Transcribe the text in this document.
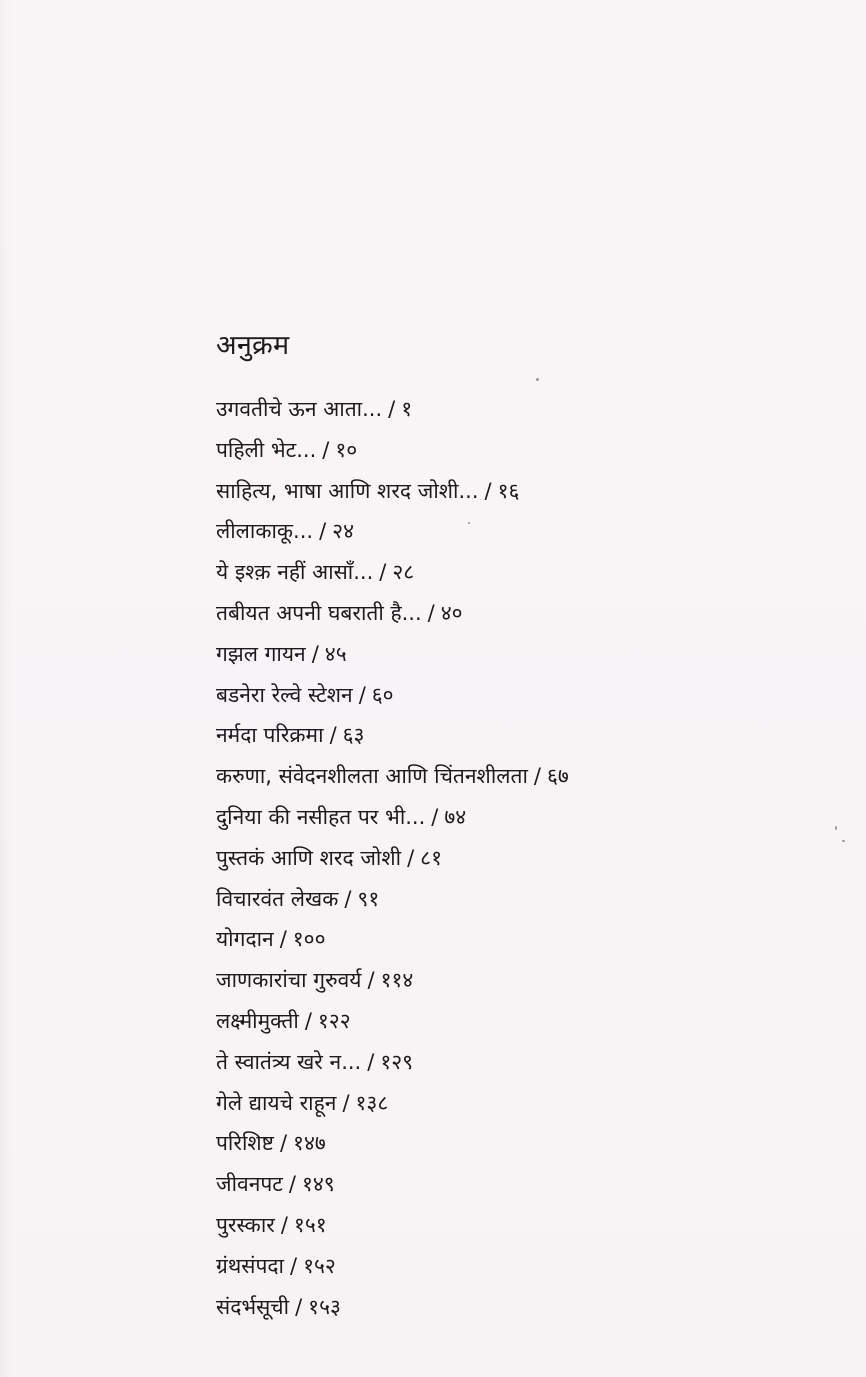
अनुक्रम
उगवतीचे ऊन आता... / १
पहिली भेट... / १०
साहित्य, भाषा आणि शरद जोशी... / १६
लीलाकाकू... / २४
ये इश्क़ नहीं आसाँ... / २८
तबीयत अपनी घबराती है... / ४०
गझल गायन / ४५
बडनेरा रेल्वे स्टेशन / ६०
नर्मदा परिक्रमा / ६३
करुणा, संवेदनशीलता आणि चिंतनशीलता / ६७
दुनिया की नसीहत पर भी... / ७४
पुस्तकं आणि शरद जोशी / ८१
विचारवंत लेखक / ९१
योगदान / १००
जाणकारांचा गुरुवर्य / ११४
लक्ष्मीमुक्ती / १२२
ते स्वातंत्र्य खरे न... / १२९
गेले द्यायचे राहून / १३८
परिशिष्ट / १४७
जीवनपट / १४९
पुरस्कार / १५१
ग्रंथसंपदा / १५२
संदर्भसूची / १५३
